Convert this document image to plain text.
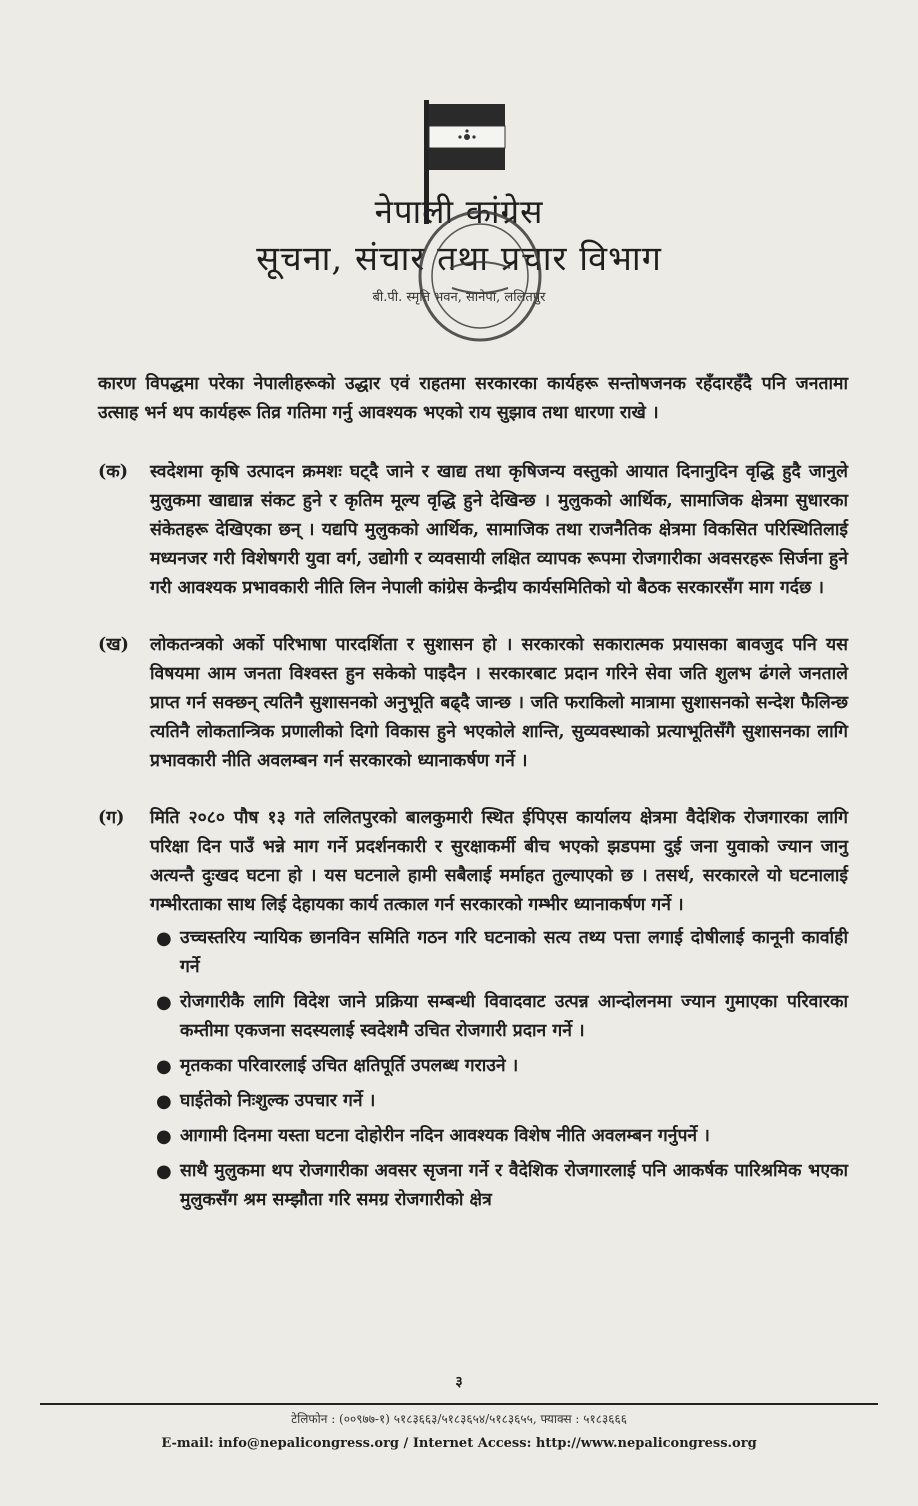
नेपाली कांग्रेस
सूचना, संचार तथा प्रचार विभाग
बी.पी. स्मृति भवन, सानेपा, ललितपुर

कारण विपद्धमा परेका नेपालीहरूको उद्धार एवं राहतमा सरकारका कार्यहरू सन्तोषजनक रहँदारहँदै पनि जनतामा उत्साह भर्न थप कार्यहरू तिव्र गतिमा गर्नु आवश्यक भएको राय सुझाव तथा धारणा राखे ।

(क)	स्वदेशमा कृषि उत्पादन क्रमशः घट्दै जाने र खाद्य तथा कृषिजन्य वस्तुको आयात दिनानुदिन वृद्धि हुदै जानुले मुलुकमा खाद्यान्न संकट हुने र कृतिम मूल्य वृद्धि हुने देखिन्छ । मुलुकको आर्थिक, सामाजिक क्षेत्रमा सुधारका संकेतहरू देखिएका छन् । यद्यपि मुलुकको आर्थिक, सामाजिक तथा राजनैतिक क्षेत्रमा विकसित परिस्थितिलाई मध्यनजर गरी विशेषगरी युवा वर्ग, उद्योगी र व्यवसायी लक्षित व्यापक रूपमा रोजगारीका अवसरहरू सिर्जना हुने गरी आवश्यक प्रभावकारी नीति लिन नेपाली कांग्रेस केन्द्रीय कार्यसमितिको यो बैठक सरकारसँग माग गर्दछ ।
(ख)	लोकतन्त्रको अर्को परिभाषा पारदर्शिता र सुशासन हो । सरकारको सकारात्मक प्रयासका बावजुद पनि यस विषयमा आम जनता विश्वस्त हुन सकेको पाइदैन । सरकारबाट प्रदान गरिने सेवा जति शुलभ ढंगले जनताले प्राप्त गर्न सक्छन् त्यतिनै सुशासनको अनुभूति बढ्दै जान्छ । जति फराकिलो मात्रामा सुशासनको सन्देश फैलिन्छ त्यतिनै लोकतान्त्रिक प्रणालीको दिगो विकास हुने भएकोले शान्ति, सुव्यवस्थाको प्रत्याभूतिसँगै सुशासनका लागि प्रभावकारी नीति अवलम्बन गर्न सरकारको ध्यानाकर्षण गर्ने ।
(ग)	मिति २०८० पौष १३ गते ललितपुरको बालकुमारी स्थित ईपिएस कार्यालय क्षेत्रमा वैदेशिक रोजगारका लागि परिक्षा दिन पाउँ भन्ने माग गर्ने प्रदर्शनकारी र सुरक्षाकर्मी बीच भएको झडपमा दुई जना युवाको ज्यान जानु अत्यन्तै दुःखद घटना हो । यस घटनाले हामी सबैलाई मर्माहत तुल्याएको छ । तसर्थ, सरकारले यो घटनालाई गम्भीरताका साथ लिई देहायका कार्य तत्काल गर्न सरकारको गम्भीर ध्यानाकर्षण गर्ने ।
● उच्चस्तरिय न्यायिक छानविन समिति गठन गरि घटनाको सत्य तथ्य पत्ता लगाई दोषीलाई कानूनी कार्वाही गर्ने
● रोजगारीकै लागि विदेश जाने प्रक्रिया सम्बन्धी विवादवाट उत्पन्न आन्दोलनमा ज्यान गुमाएका परिवारका कम्तीमा एकजना सदस्यलाई स्वदेशमै उचित रोजगारी प्रदान गर्ने ।
● मृतकका परिवारलाई उचित क्षतिपूर्ति उपलब्ध गराउने ।
● घाईतेको निःशुल्क उपचार गर्ने ।
● आगामी दिनमा यस्ता घटना दोहोरीन नदिन आवश्यक विशेष नीति अवलम्बन गर्नुपर्ने ।
● साथै मुलुकमा थप रोजगारीका अवसर सृजना गर्ने र वैदेशिक रोजगारलाई पनि आकर्षक पारिश्रमिक भएका मुलुकसँग श्रम सम्झौता गरि समग्र रोजगारीको क्षेत्र
३
टेलिफोन : (००९७७-१) ५१८३६६३/५१८३६५४/५१८३६५५, फ्याक्स : ५१८३६६६
E-mail: info@nepalicongress.org / Internet Access: http://www.nepalicongress.org
